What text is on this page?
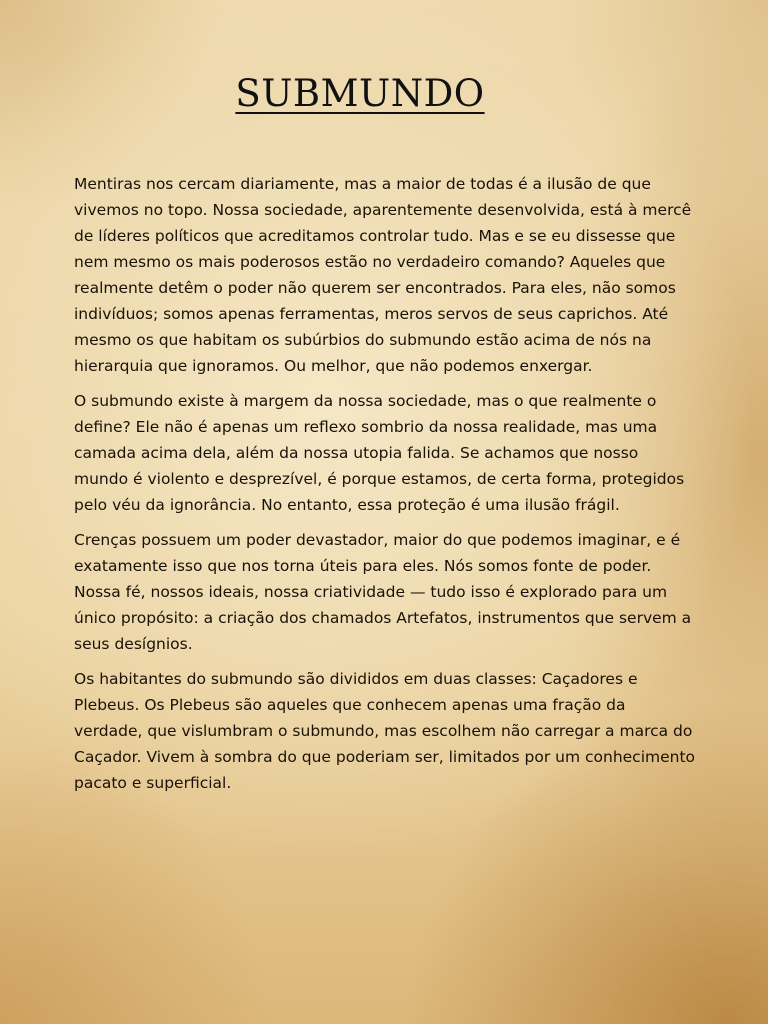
SUBMUNDO

Mentiras nos cercam diariamente, mas a maior de todas é a ilusão de que vivemos no topo. Nossa sociedade, aparentemente desenvolvida, está à mercê de líderes políticos que acreditamos controlar tudo. Mas e se eu dissesse que nem mesmo os mais poderosos estão no verdadeiro comando? Aqueles que realmente detêm o poder não querem ser encontrados. Para eles, não somos indivíduos; somos apenas ferramentas, meros servos de seus caprichos. Até mesmo os que habitam os subúrbios do submundo estão acima de nós na hierarquia que ignoramos. Ou melhor, que não podemos enxergar.

O submundo existe à margem da nossa sociedade, mas o que realmente o define? Ele não é apenas um reflexo sombrio da nossa realidade, mas uma camada acima dela, além da nossa utopia falida. Se achamos que nosso mundo é violento e desprezível, é porque estamos, de certa forma, protegidos pelo véu da ignorância. No entanto, essa proteção é uma ilusão frágil.

Crenças possuem um poder devastador, maior do que podemos imaginar, e é exatamente isso que nos torna úteis para eles. Nós somos fonte de poder. Nossa fé, nossos ideais, nossa criatividade — tudo isso é explorado para um único propósito: a criação dos chamados Artefatos, instrumentos que servem a seus desígnios.

Os habitantes do submundo são divididos em duas classes: Caçadores e Plebeus. Os Plebeus são aqueles que conhecem apenas uma fração da verdade, que vislumbram o submundo, mas escolhem não carregar a marca do Caçador. Vivem à sombra do que poderiam ser, limitados por um conhecimento pacato e superficial.
